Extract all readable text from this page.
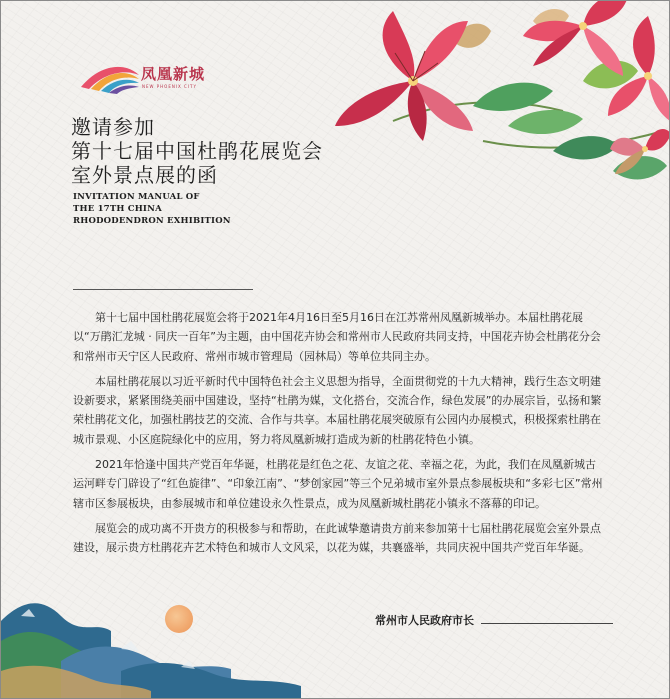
凤凰新城
NEW PHOENIX CITY
邀请参加
第十七届中国杜鹃花展览会
室外景点展的函
INVITATION MANUAL OF
THE 17TH CHINA
RHODODENDRON EXHIBITION

第十七届中国杜鹃花展览会将于2021年4月16日至5月16日在江苏常州凤凰新城举办。本届杜鹃花展以“万鹃汇龙城 · 同庆一百年”为主题，由中国花卉协会和常州市人民政府共同支持，中国花卉协会杜鹃花分会和常州市天宁区人民政府、常州市城市管理局（园林局）等单位共同主办。

本届杜鹃花展以习近平新时代中国特色社会主义思想为指导，全面贯彻党的十九大精神，践行生态文明建设新要求，紧紧围绕美丽中国建设，坚持“杜鹃为媒，文化搭台，交流合作，绿色发展”的办展宗旨，弘扬和繁荣杜鹃花文化，加强杜鹃技艺的交流、合作与共享。本届杜鹃花展突破原有公园内办展模式，积极探索杜鹃在城市景观、小区庭院绿化中的应用，努力将凤凰新城打造成为新的杜鹃花特色小镇。

2021年恰逢中国共产党百年华诞，杜鹃花是红色之花、友谊之花、幸福之花，为此，我们在凤凰新城古运河畔专门辟设了“红色旋律”、“印象江南”、“梦创家园”等三个兄弟城市室外景点参展板块和“多彩七区”常州辖市区参展板块，由参展城市和单位建设永久性景点，成为凤凰新城杜鹃花小镇永不落幕的印记。

展览会的成功离不开贵方的积极参与和帮助，在此诚挚邀请贵方前来参加第十七届杜鹃花展览会室外景点建设，展示贵方杜鹃花卉艺术特色和城市人文风采，以花为媒，共襄盛举，共同庆祝中国共产党百年华诞。

常州市人民政府市长
